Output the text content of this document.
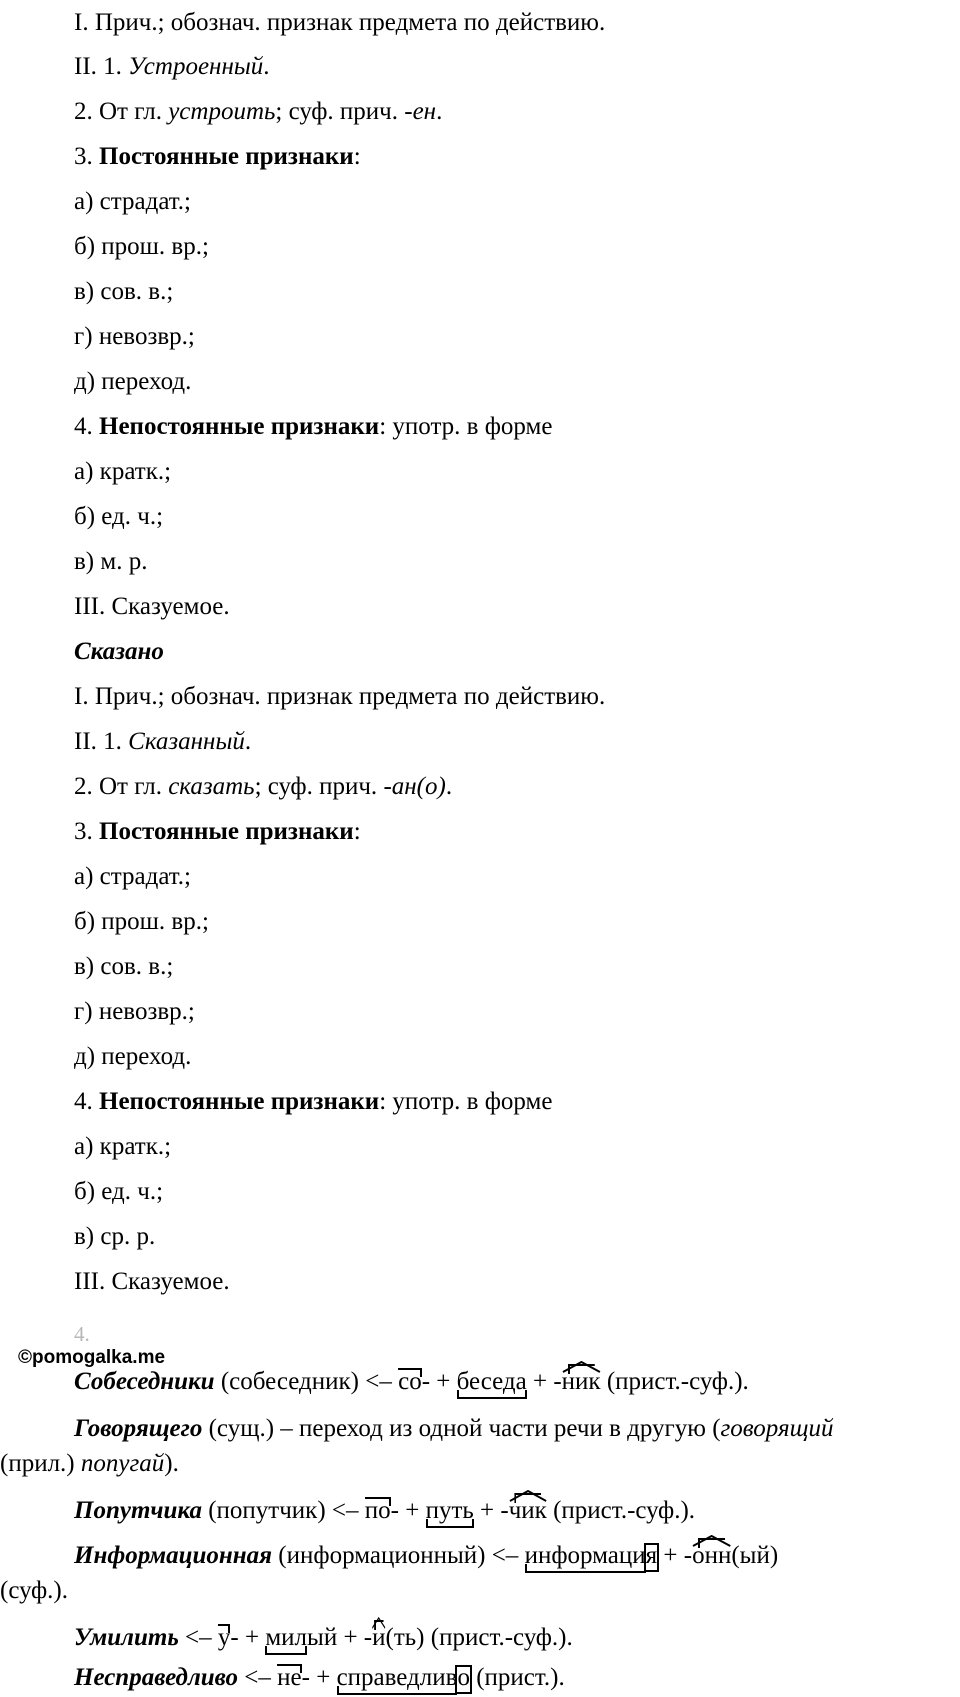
I. Прич.; обознач. признак предмета по действию.
II. 1. Устроенный.
2. От гл. устроить; суф. прич. -ен.
3. Постоянные признаки:
а) страдат.;
б) прош. вр.;
в) сов. в.;
г) невозвр.;
д) переход.
4. Непостоянные признаки: употр. в форме
а) кратк.;
б) ед. ч.;
в) м. р.
III. Сказуемое.
Сказано
I. Прич.; обознач. признак предмета по действию.
II. 1. Сказанный.
2. От гл. сказать; суф. прич. -ан(о).
3. Постоянные признаки:
а) страдат.;
б) прош. вр.;
в) сов. в.;
г) невозвр.;
д) переход.
4. Непостоянные признаки: употр. в форме
а) кратк.;
б) ед. ч.;
в) ср. р.
III. Сказуемое.
4.
©pomogalka.me
Собеседники (собеседник) <– со- + беседа + -
ник (прист.-суф.).
Говорящего (сущ.) – переход из одной части речи в другую (говорящий
(прил.) попугай).
Попутчика (попутчик) <– по- + путь + -
чик (прист.-суф.).
Информационная (информационный) <– информаци
я + -
онн(ый)
(суф.).
Умилить <– у- + милый + -
и(ть) (прист.-суф.).
Несправедливо <– не- + справедлив
о (прист.).
